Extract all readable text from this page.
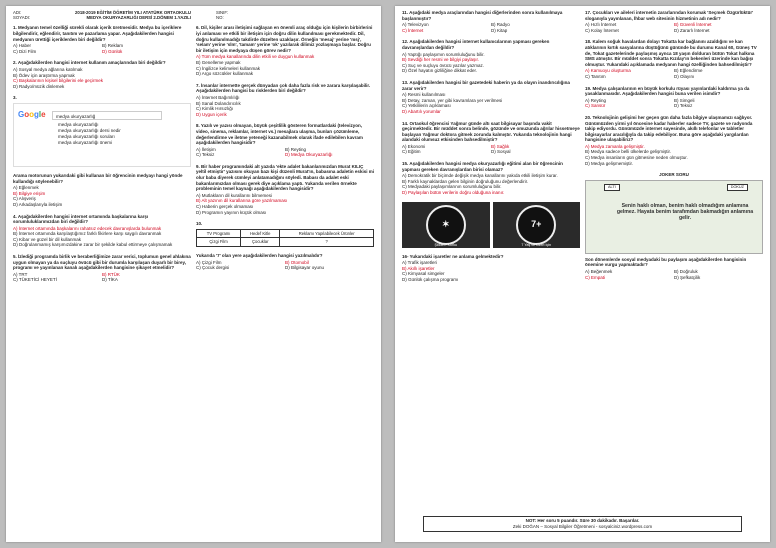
ADI:	2018-2019 EĞİTİM ÖĞRETİM YILI ATATÜRK ORTAOKULU
SOYADI:	MEDYA OKURYAZARLIĞI DERSİ 2.DÖNEM 1.YAZILI
1. Medyanın temel özelliği sürekli olarak içerik üretmesidir. Medya bu içeriklere bilgilendirir, eğlendirir, tanıtım ve pazarlama yapar. Aşağıdakilerden hangisi medyanın ürettiği içeriklerden biri değildir?
A) Haber	B) Reklam
C) Dizi Film	D) Günlük
2. Aşağıdakilerden hangisi internet kullanım amaçlarından biri değildir?
A) Sosyal medya ağlarına katılmak
B) Ödev için araştırma yapmak
C) Başkalarının kişisel bilgilerini ele geçirmek
D) Radyo/müzik dinlemek
3.
Google	medya okuryazarlığ
medya okuryazarlığı
medya okuryazarlığı dersi nedir
medya okuryazarlığı soruları
medya okuryazarlığı önemi
Arama motorunun yukarıdaki gibi kullanan bir öğrencinin medyayı hangi yönde kullandığı söylenebilir?
A) Eğlenmek
B) Bilgiye erişim
C) Alışveriş
D) Arkadaşlarıyla iletişim
4. Aşağıdakilerden hangisi internet ortamında başkalarına karşı sorumluluklarımızdan biri değildir?
A) İnternet ortamında başkalarını rahatsız edecek davranışlarda bulunmak
B) İnternet ortamında karşılaştığımız farklı fikirlere karşı saygılı davranmak
C) Kibar ve güzel bir dil kullanmak
D) Doğrulanmamış karşımızdakine zarar bir şekilde kabul ettirmeye çalışmamak
5. İzlediği programda birlik ve beraberliğimize zarar verici, toplumun genel ahlakına uygun olmayan ya da suçluyu övücü gibi bir durumla karşılaşan duyarlı bir birey, programı ve yayınlanan kanalı aşağıdakilerden hangisine şikayet etmelidir?
A) TRT	B) RTÜK
C) TÜKETİCİ HEYETİ	D) TİKA
SINIF:
NO:
6. Dil, kişiler arası iletişimi sağlayan en önemli araç olduğu için kişilerin birbirlerini iyi anlaması ve etkili bir iletişim için doğru dilin kullanılması gerekmektedir. Dil, doğru kullanılmadığı takdirde düzelten uzaklaşır. Örneğin 'mesaj' yerine 'msj', 'selam' yerine 'slm', 'tamam' yerine 'ok' yazılarak dilimiz yozlaşmaya başlar. Doğru bir iletişim için medyaya düşen görev nedir?
A) Tüm medya kanallarında dilin etkili ve duygun kullanmak
B) Genelleme yapmak
C) İngilizce kelimeleri kullanmak
D) Argo sözcükler kullanmak
7. İnsanlar internette gerçek dünyadan çok daha fazla risk ve zarara karşılaşabilir. Aşağıdakilerden hangisi bu risklerden biri değildir?
A) İnternet Bağımlılığı
B) Sanal Dolandırıcılık
C) Kimlik Hırsızlığı
D) Uygun içerik
8. Yazılı ve yazısı olmayan, büyük çeşitlilik gösteren formatlardaki (televizyon, video, sinema, reklamlar, internet vs.) mesajlara ulaşma, bunları çözümleme, değerlendirme ve iletme yeteneği kazanabilmek olarak ifade edilebilen kavram aşağıdakilerden hangisidir?
A) İletişim	B) Reyting
C) Teksiz	D) Medya Okuryazarlığı
9. Bir haber programındaki alt yazıda 'ekte adalet bakanlarımızdan Murat KILIÇ yeltil etmiştir' yazısını okuyan bazı kişi düzenli Murat'ın, babasına adaletin eskisi mi olur baba diyerek cümleyi anlatamadığını söyledi. Babası da adalet eski bakanlarımızdan olması gerek diye açıklama yaptı. Yukarıda verilen örnekte probleminin temel kaynağı aşağıdakilerden hangisidir?
A) Mutlakların dil kurallarını bilmemesi
B) Alt yazının dil kurallarına göre yazılmaması
C) Haberin gerçek olmaması
D) Programın yayının küçük olması
10.
TV Programı	Hedef Kitle	Reklamı Yapılabilecek Ürünler
Çizgi Film	Çocuklar	?
Yukarıda '7' olan yere aşağıdakilerden hangisi yazılmalıdır?
A) Çizgi Film	B) Otomobil
C) Çocuk dergisi	D) Bilgisayar oyunu
11. Aşağıdaki medya araçlarından hangisi diğerlerinden sonra kullanılmaya başlanmıştır?
A) Televizyon	B) Radyo
C) İnternet	D) Kitap
12. Aşağıdakilerden hangisi internet kullanıcılarının yapması gereken davranışlardan değildir?
A) Yaptığı paylaşımın sorumluluğunu bilir.
B) Sevdiği her resmi ve bilgiyi paylaşır.
C) Suç ve suçluyu övücü yazılar yazmaz.
D) Özel hayatın gizliliğine dikkat eder.
13. Aşağıdakilerden hangisi bir gazetedeki haberin ya da olayın inandırıcılığına zarar verir?
A) Resmi kullanılması
B) Detay, zaman, yer gibi kavramlara yer verilmesi
C) Yetkililerin açıklaması
D) Abartılı yorumlar
14. Ortaokul öğrencisi Yağmur günde altı saat bilgisayar başında vakit geçirmektedir. Bir müddet sonra belinde, gözünde ve omuzunda ağrılar hissetmeye başlayan Yağmur doktora gitmek zorunda kalmıştır. Yukarıda teknolojinin hangi alandaki olumsuz etkisinden bahsedilmiştir?
A) Ekonomi	B) Sağlık
C) Eğitim	D) Sosyal
15. Aşağıdakilerden hangisi medya okuryazarlığı eğitimi alan bir öğrencinin yapması gereken davranışlardan birisi olamaz?
A) Demokratik bir biçimde değişik medya kanallarını yakıda etkili iletişim kurar.
B) Farklı kaynaklardan gelen bilginin doğruluğunu değerlendirir.
C) Medyadaki paylaşımlarının sorumluluğunu bilir.
D) Paylaşılan bütün verilerin doğru olduğuna inanır.
✶
Şiddet / Korku
7+
7 Yaş ve Üzeri İçin
16- Yukarıdaki işaretler ne anlama gelmektedir?
A) Trafik işaretleri
B) Akıllı işaretler
C) Kimyasal simgeler
D) Günlük çalışma programı
17. Çocukları ve aileleri internetin zararlarından korumak 'Seçmek Özgürlüktür' sloganıyla yayınlanan, İhbar web sitesinin hizmetinin adı nedir?
A) Hızlı İnternet	B) Güvenli İnternet
C) Kolay İnternet	D) Zararlı İnternet
18. Kalem soğuk havalardan dolayı Tokatta kar bağlanını azaldığını ve kan atıklarının kırtık sasyalarına düştüğünü gününde bu durumu Kanal 60, Güneş TV de, Tokat gazetelerinde paylaşmış aynca 18 yaşın dolduran bütün Tokat halkına SMS atmıştır. Bir müddet sonra Tokatta Kızılay'ın bekenleri üzerinde kan bağışı olmuştur. Yukarıdaki açıklamada medyanın hangi özelliğinden bahsedilmiştir?
A) Kamuoyu oluşturma	B) Eğlendirme
C) Tanıtım	D) Olayını
19. Medya çalışanlarının en büyük korkulu rüyası yayınlardaki kaldırma ya da yasaklanmasıdır. Aşağıdakilerden hangisi buna verilen isimdir?
A) Reyting	B) Simgeli
C) Sansür	D) Teksiz
20. Teknolojinin gelişimi her geçen gün daha fazla bilgiye ulaşmamızı sağlıyor. Günümüzden yirmi yıl öncesine kadar haberler sadece TV, gazete ve radyonda takip ediyordu. Günümüzde internet sayesinde, akıllı telefonlar ve tabletler bilgisayarlar aracılığıyla da takip edebiliyor. Buna göre aşağıdaki yargılardan hangisine ulaşabiliriz?
A) Medya zamanla gelişmiştir.
B) Medya sadece belli ülkelerde gelişmiştir.
C) Medya insanların gün gitmesine neden olmuştur.
D) Medya gelişmemiştir.
JOKER SORU
ALTI	DOKUZ
Senin haklı olman, benim haklı olmadığım anlamına gelmez. Hayata benim tarafımdan bakmadığın anlamına gelir.
Son dönemlerde sosyal medyadaki bu paylaşım aşağıdakilerden hangisinin önemine vurgu yapmaktadır?
A) Beğenmek	B) Doğruluk
C) Empati	D) Şefkatçilik
NOT: Her soru 5 puandır. Süre 30 dakikadır. Başarılar.
Zeki DOĞAN – Sosyal Bilgiler Öğretmeni - sosyalciniz.wordpress.com
